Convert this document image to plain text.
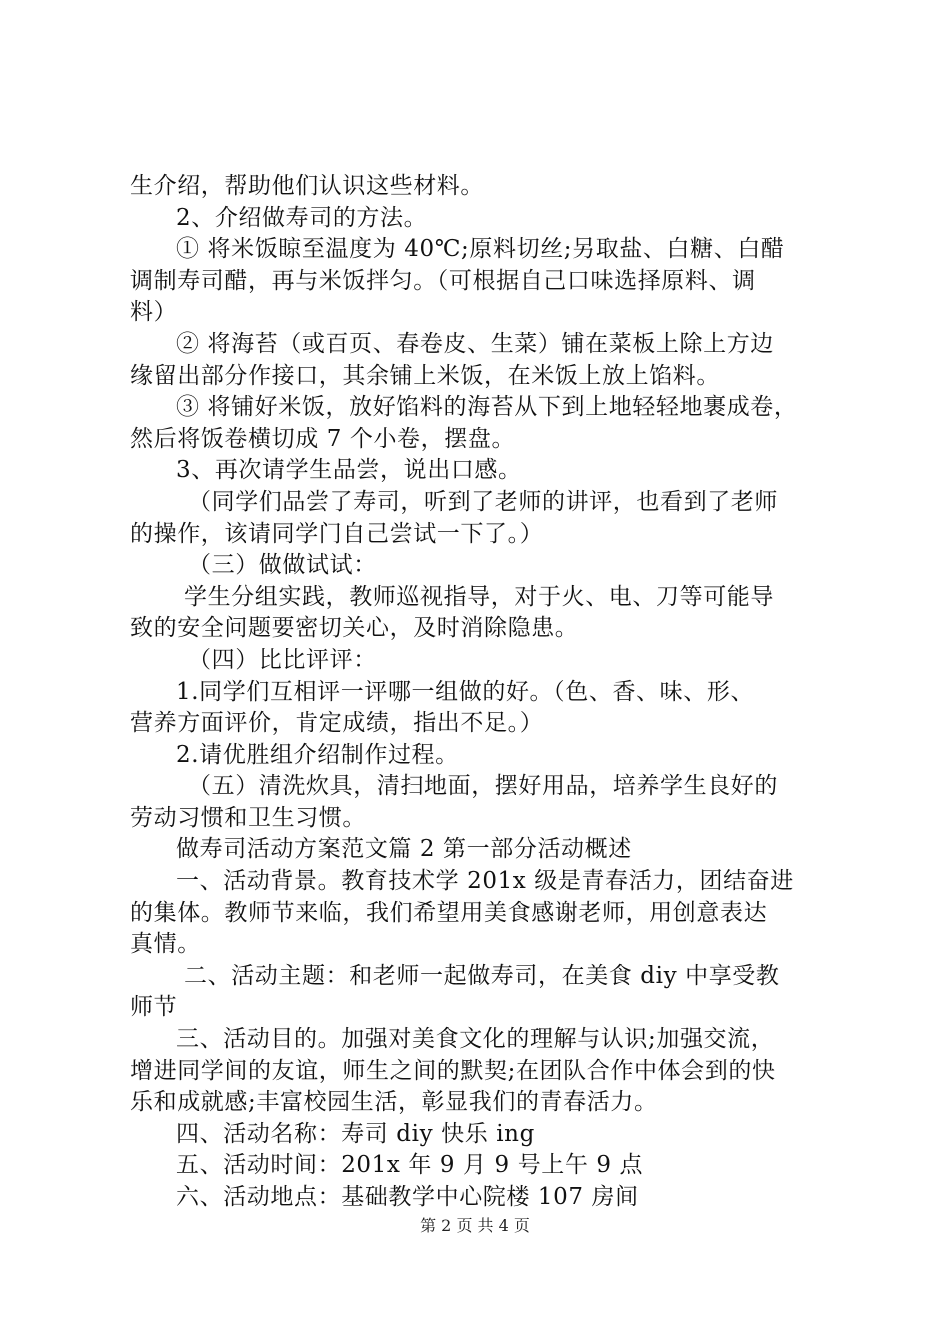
生介绍，帮助他们认识这些材料。
2、介绍做寿司的方法。
① 将米饭晾至温度为 40℃;原料切丝;另取盐、白糖、白醋
调制寿司醋，再与米饭拌匀。（可根据自己口味选择原料、调
料）
② 将海苔（或百页、春卷皮、生菜）铺在菜板上除上方边
缘留出部分作接口，其余铺上米饭，在米饭上放上馅料。
③ 将铺好米饭，放好馅料的海苔从下到上地轻轻地裹成卷，
然后将饭卷横切成 7 个小卷，摆盘。
3、再次请学生品尝，说出口感。
（同学们品尝了寿司，听到了老师的讲评，也看到了老师
的操作，该请同学门自己尝试一下了。）
（三）做做试试：
学生分组实践，教师巡视指导，对于火、电、刀等可能导
致的安全问题要密切关心，及时消除隐患。
（四）比比评评：
1.同学们互相评一评哪一组做的好。（色、香、味、形、
营养方面评价，肯定成绩，指出不足。）
2.请优胜组介绍制作过程。
（五）清洗炊具，清扫地面，摆好用品，培养学生良好的
劳动习惯和卫生习惯。
做寿司活动方案范文篇 2 第一部分活动概述
一、活动背景。教育技术学 201x 级是青春活力，团结奋进
的集体。教师节来临，我们希望用美食感谢老师，用创意表达
真情。
二、活动主题：和老师一起做寿司，在美食 diy 中享受教
师节
三、活动目的。加强对美食文化的理解与认识;加强交流，
增进同学间的友谊，师生之间的默契;在团队合作中体会到的快
乐和成就感;丰富校园生活，彰显我们的青春活力。
四、活动名称：寿司 diy 快乐 ing
五、活动时间：201x 年 9 月 9 号上午 9 点
六、活动地点：基础教学中心院楼 107 房间
第 2 页 共 4 页
